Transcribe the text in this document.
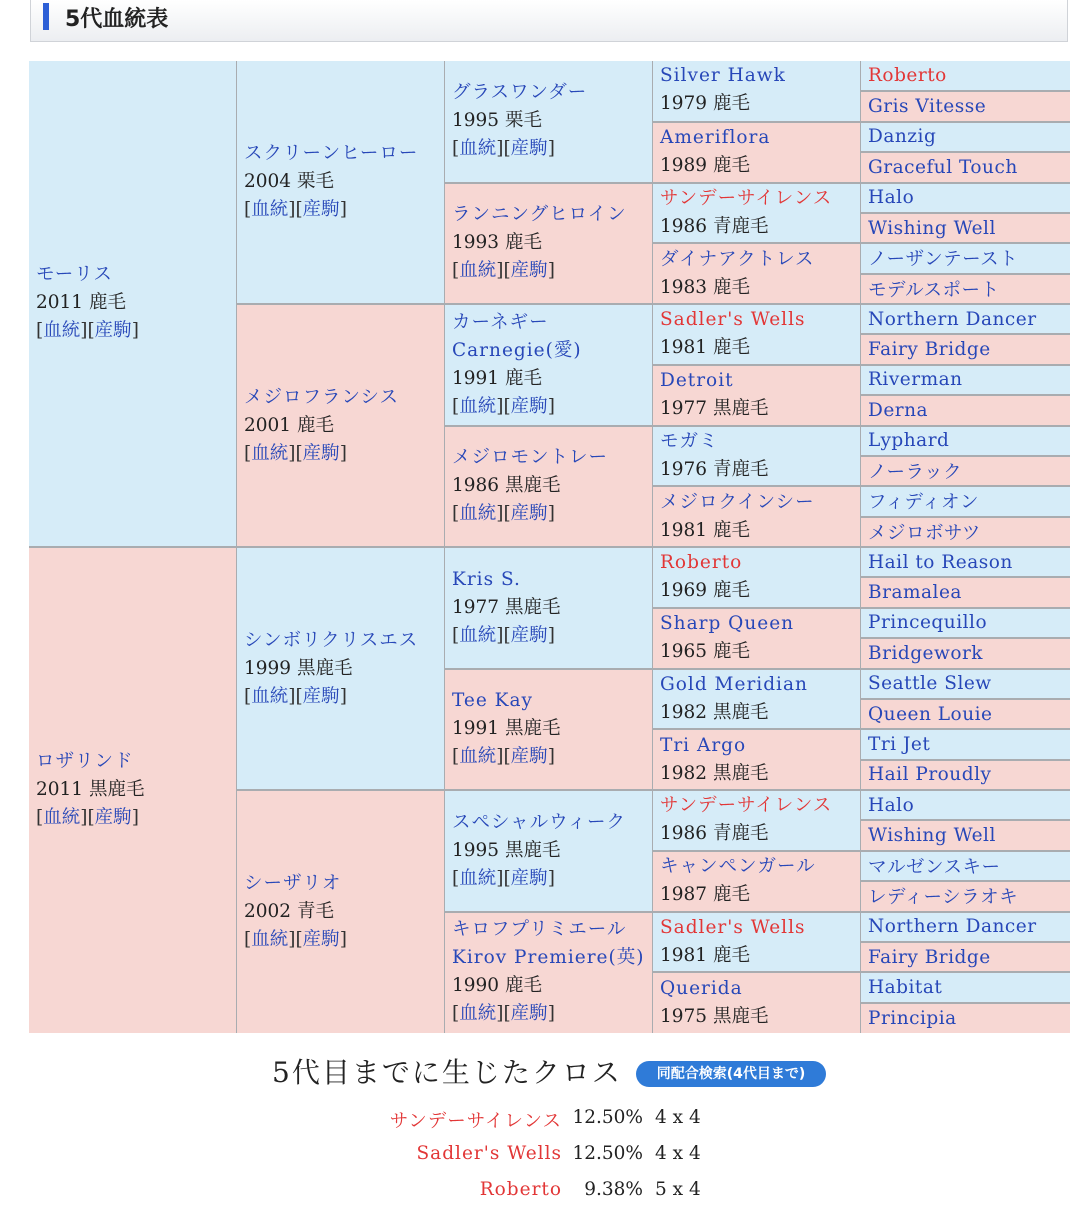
5代血統表
モーリス
2011 鹿毛
[血統][産駒]
ロザリンド
2011 黒鹿毛
[血統][産駒]
スクリーンヒーロー
2004 栗毛
[血統][産駒]
メジロフランシス
2001 鹿毛
[血統][産駒]
シンボリクリスエス
1999 黒鹿毛
[血統][産駒]
シーザリオ
2002 青毛
[血統][産駒]
グラスワンダー
1995 栗毛
[血統][産駒]
ランニングヒロイン
1993 鹿毛
[血統][産駒]
カーネギー
Carnegie(愛)
1991 鹿毛
[血統][産駒]
メジロモントレー
1986 黒鹿毛
[血統][産駒]
Kris S.
1977 黒鹿毛
[血統][産駒]
Tee Kay
1991 黒鹿毛
[血統][産駒]
スペシャルウィーク
1995 黒鹿毛
[血統][産駒]
キロフプリミエール
Kirov Premiere(英)
1990 鹿毛
[血統][産駒]
Silver Hawk
1979 鹿毛
Ameriflora
1989 鹿毛
サンデーサイレンス
1986 青鹿毛
ダイナアクトレス
1983 鹿毛
Sadler's Wells
1981 鹿毛
Detroit
1977 黒鹿毛
モガミ
1976 青鹿毛
メジロクインシー
1981 鹿毛
Roberto
1969 鹿毛
Sharp Queen
1965 鹿毛
Gold Meridian
1982 黒鹿毛
Tri Argo
1982 黒鹿毛
サンデーサイレンス
1986 青鹿毛
キャンペンガール
1987 鹿毛
Sadler's Wells
1981 鹿毛
Querida
1975 黒鹿毛
Roberto
Gris Vitesse
Danzig
Graceful Touch
Halo
Wishing Well
ノーザンテースト
モデルスポート
Northern Dancer
Fairy Bridge
Riverman
Derna
Lyphard
ノーラック
フィディオン
メジロボサツ
Hail to Reason
Bramalea
Princequillo
Bridgework
Seattle Slew
Queen Louie
Tri Jet
Hail Proudly
Halo
Wishing Well
マルゼンスキー
レディーシラオキ
Northern Dancer
Fairy Bridge
Habitat
Principia
5代目までに生じたクロス	同配合検索(4代目まで)
サンデーサイレンス 12.50% 4 x 4
Sadler's Wells 12.50% 4 x 4
Roberto 9.38% 5 x 4
